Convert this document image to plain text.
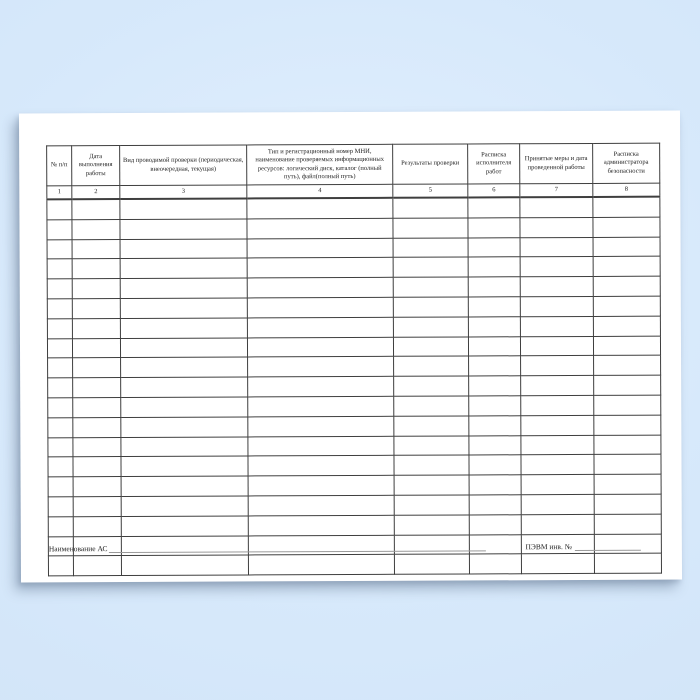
№ п/п	Дата выполнения работы	Вид проводимой проверки (периодическая, внеочередная, текущая)	Тип и регистрационный номер МНИ, наименование проверяемых информационных ресурсов: логический диск, каталог (полный путь), файл(полный путь)	Результаты проверки	Расписка исполнителя работ	Принятые меры и дата проведенной работы	Расписка администратора безопасности
1	2	3	4	5	6	7	8

Наименование АС	ПЭВМ инв. №
